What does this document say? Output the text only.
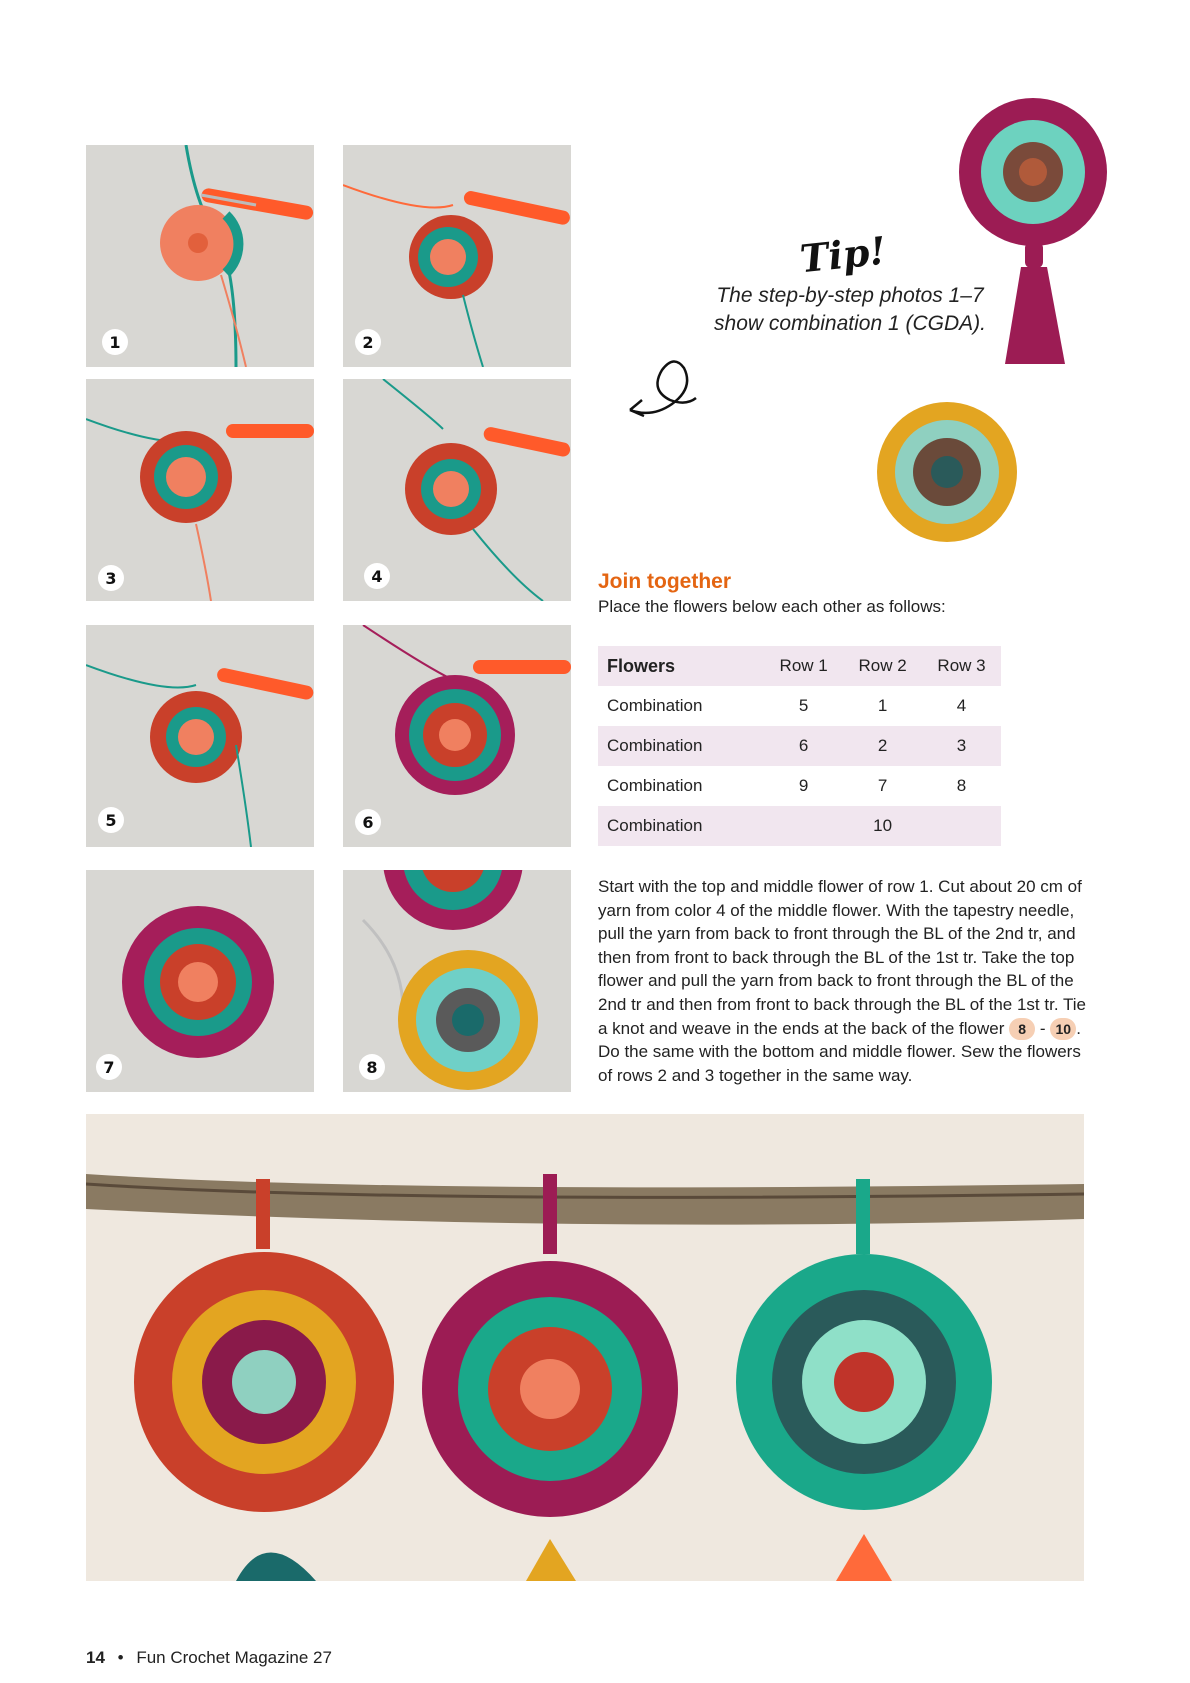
1	2
3	4
5	6
7	8
Tip!
The step-by-step photos 1–7 show combination 1 (CGDA).
Join together
Place the flowers below each other as follows:
Flowers	Row 1	Row 2	Row 3
Combination	5	1	4
Combination	6	2	3
Combination	9	7	8
Combination		10	
Start with the top and middle flower of row 1. Cut about 20 cm of yarn from color 4 of the middle flower. With the tapestry needle, pull the yarn from back to front through the BL of the 2nd tr, and then from front to back through the BL of the 1st tr. Take the top flower and pull the yarn from back to front through the BL of the 2nd tr and then from front to back through the BL of the 1st tr. Tie a knot and weave in the ends at the back of the flower 8 - 10 . Do the same with the bottom and middle flower. Sew the flowers of rows 2 and 3 together in the same way.
14 • Fun Crochet Magazine 27
